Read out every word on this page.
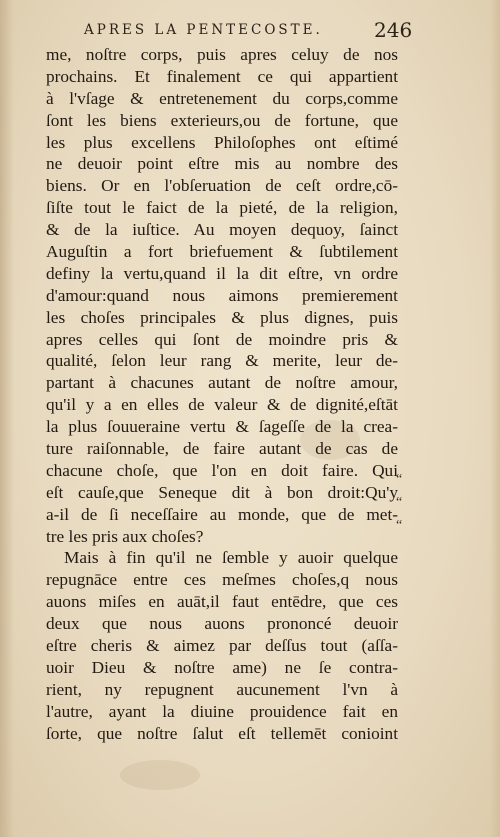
APRES LA PENTECOSTE.	246
me, noſtre corps, puis apres celuy de nos
prochains. Et finalement ce qui appartient
à l'vſage & entretenement du corps,comme
ſont les biens exterieurs,ou de fortune, que
les plus excellens Philoſophes ont eſtimé
ne deuoir point eſtre mis au nombre des
biens. Or en l'obſeruation de ceſt ordre,cō-
ſiſte tout le faict de la pieté, de la religion,
& de la iuſtice. Au moyen dequoy, ſainct
Auguſtin a fort briefuement & ſubtilement
definy la vertu,quand il la dit eſtre, vn ordre
d'amour:quand nous aimons premierement
les choſes principales & plus dignes, puis
apres celles qui ſont de moindre pris &
qualité, ſelon leur rang & merite, leur de-
partant à chacunes autant de noſtre amour,
qu'il y a en elles de valeur & de dignité,eſtāt
la plus ſouueraine vertu & ſageſſe de la crea-
ture raiſonnable, de faire autant de cas de
chacune choſe, que l'on en doit faire. Qui
eſt cauſe,que Seneque dit à bon droit:Qu'y
a-il de ſi neceſſaire au monde, que de met-
tre les pris aux choſes?
Mais à fin qu'il ne ſemble y auoir quelque
repugnāce entre ces meſmes choſes,q nous
auons miſes en auāt,il faut entēdre, que ces
deux que nous auons prononcé deuoir
eſtre cheris & aimez par deſſus tout (aſſa-
uoir Dieu & noſtre ame) ne ſe contra-
rient, ny repugnent aucunement l'vn à
l'autre, ayant la diuine prouidence fait en
ſorte, que noſtre ſalut eſt tellemēt conioint
“
“
“
